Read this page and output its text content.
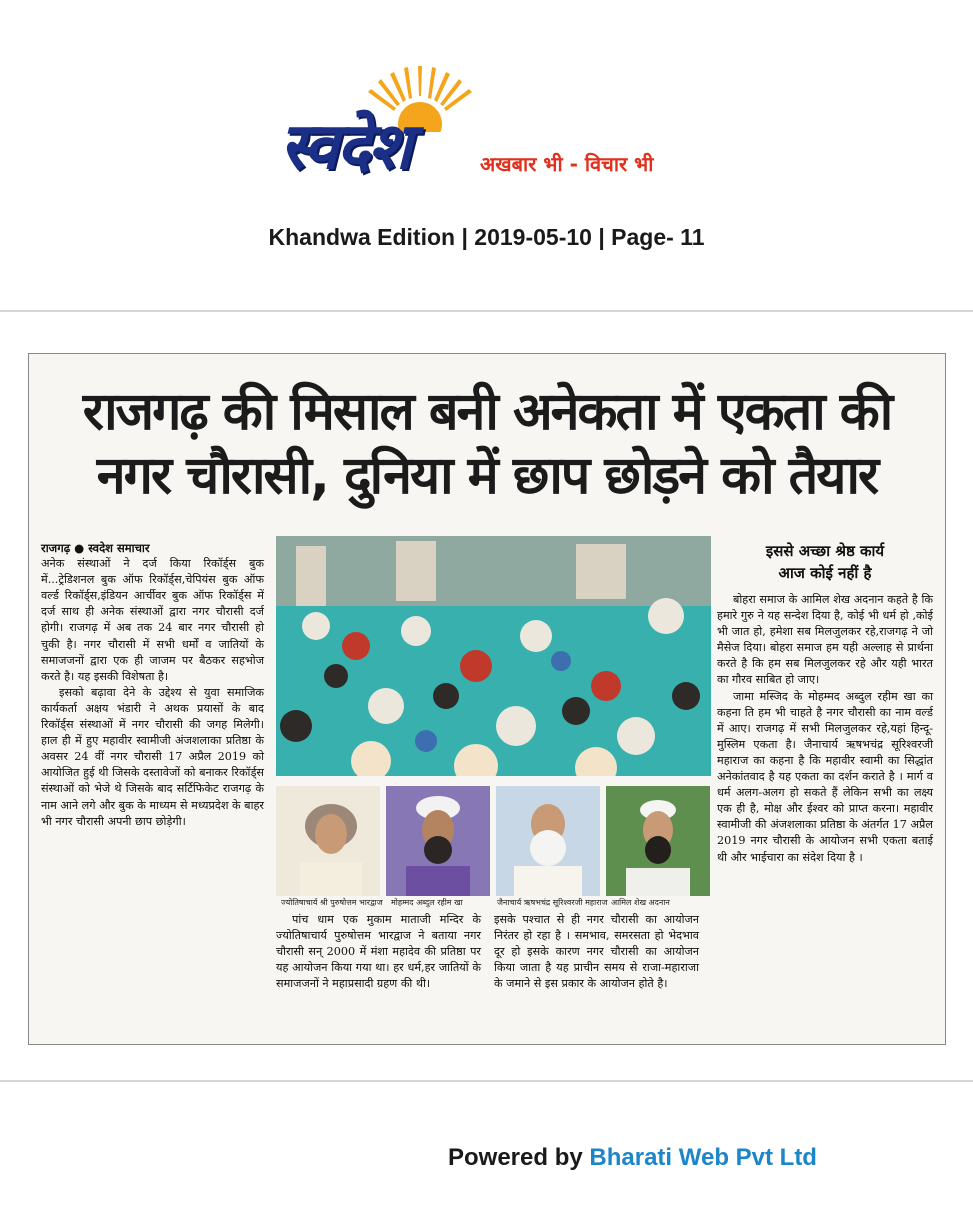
स्वदेश	अखबार भी - विचार भी
Khandwa Edition | 2019-05-10 | Page- 11
राजगढ़ की मिसाल बनी अनेकता में एकता की
नगर चौरासी, दुनिया में छाप छोड़ने को तैयार
राजगढ़ ● स्वदेश समाचार
अनेक संस्थाओं ने दर्ज किया रिकॉर्ड्स बुक में...ट्रेडिशनल बुक ऑफ रिकॉर्ड्स,चेपियंस बुक ऑफ वर्ल्ड रिकॉर्ड्स,इंडियन आर्चीवर बुक ऑफ रिकॉर्ड्स में दर्ज साथ ही अनेक संस्थाओं द्वारा नगर चौरासी दर्ज होगी। राजगढ़ में अब तक 24 बार नगर चौरासी हो चुकी है। नगर चौरासी में सभी धर्मों व जातियों के समाजजनों द्वारा एक ही जाजम पर बैठकर सहभोज करते है। यह इसकी विशेषता है।
इसको बढ़ावा देने के उद्देश्य से युवा समाजिक कार्यकर्ता अक्षय भंडारी ने अथक प्रयासों के बाद रिकॉर्ड्स संस्थाओं में नगर चौरासी की जगह मिलेगी। हाल ही में हुए महावीर स्वामीजी अंजशलाका प्रतिष्ठा के अवसर 24 वीं नगर चौरासी 17 अप्रैल 2019 को आयोजित हुई थी जिसके दस्तावेजों को बनाकर रिकॉर्ड्स संस्थाओं को भेजे थे जिसके बाद सर्टिफिकेट राजगढ़ के नाम आने लगे और बुक के माध्यम से मध्यप्रदेश के बाहर भी नगर चौरासी अपनी छाप छोड़ेगी।
ज्योतिषाचार्य श्री पुरुषोत्तम भारद्वाज मोहम्मद अब्दुल रहीम खा	जैनाचार्य ऋषभचंद्र सूरिश्वरजी महाराज आमिल शेख अदनान
पांच धाम एक मुकाम माताजी मन्दिर के ज्योतिषाचार्य पुरुषोत्तम भारद्वाज ने बताया नगर चौरासी सन् 2000 में मंशा महादेव की प्रतिष्ठा पर यह आयोजन किया गया था। हर धर्म,हर जातियों के समाजजनों ने महाप्रसादी ग्रहण की थी।
इसके पश्चात से ही नगर चौरासी का आयोजन निरंतर हो रहा है । समभाव, समरसता हो भेदभाव दूर हो इसके कारण नगर चौरासी का आयोजन किया जाता है यह प्राचीन समय से राजा-महाराजा के जमाने से इस प्रकार के आयोजन होते है।
इससे अच्छा श्रेष्ठ कार्य
आज कोई नहीं है
बोहरा समाज के आमिल शेख अदनान कहते है कि हमारे गुरु ने यह सन्देश दिया है, कोई भी धर्म हो ,कोई भी जात हो, हमेशा सब मिलजुलकर रहे,राजगढ़ ने जो मैसेज दिया। बोहरा समाज हम यही अल्लाह से प्रार्थना करते है कि हम सब मिलजुलकर रहे और यही भारत का गौरव साबित हो जाए।
जामा मस्जिद के मोहम्मद अब्दुल रहीम खा का कहना ति हम भी चाहते है नगर चौरासी का नाम वर्ल्ड में आए। राजगढ़ में सभी मिलजुलकर रहे,यहां हिन्दू-मुस्लिम एकता है। जैनाचार्य ऋषभचंद्र सूरिश्वरजी महाराज का कहना है कि महावीर स्वामी का सिद्धांत अनेकांतवाद है यह एकता का दर्शन कराते है । मार्ग व धर्म अलग-अलग हो सकते हैं लेकिन सभी का लक्ष्य एक ही है, मोक्ष और ईश्वर को प्राप्त करना। महावीर स्वामीजी की अंजशलाका प्रतिष्ठा के अंतर्गत 17 अप्रैल 2019 नगर चौरासी के आयोजन सभी एकता बताई थी और भाईचारा का संदेश दिया है ।
Powered by Bharati Web Pvt Ltd
